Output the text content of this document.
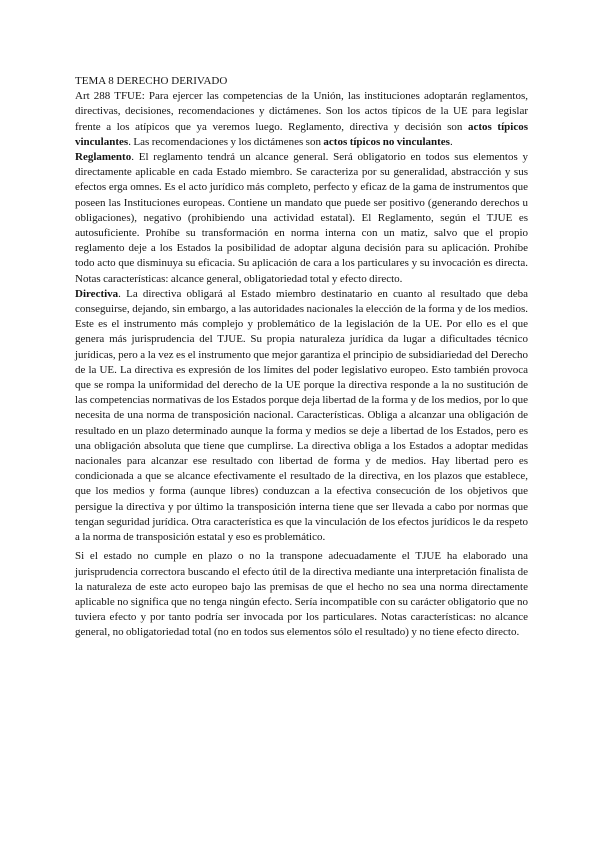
TEMA 8 DERECHO DERIVADO

Art 288 TFUE: Para ejercer las competencias de la Unión, las instituciones adoptarán reglamentos, directivas, decisiones, recomendaciones y dictámenes. Son los actos típicos de la UE para legislar frente a los atípicos que ya veremos luego. Reglamento, directiva y decisión son actos típicos vinculantes. Las recomendaciones y los dictámenes son actos típicos no vinculantes.

Reglamento. El reglamento tendrá un alcance general. Será obligatorio en todos sus elementos y directamente aplicable en cada Estado miembro. Se caracteriza por su generalidad, abstracción y sus efectos erga omnes. Es el acto jurídico más completo, perfecto y eficaz de la gama de instrumentos que poseen las Instituciones europeas. Contiene un mandato que puede ser positivo (generando derechos u obligaciones), negativo (prohibiendo una actividad estatal). El Reglamento, según el TJUE es autosuficiente. Prohíbe su transformación en norma interna con un matiz, salvo que el propio reglamento deje a los Estados la posibilidad de adoptar alguna decisión para su aplicación. Prohíbe todo acto que disminuya su eficacia. Su aplicación de cara a los particulares y su invocación es directa. Notas características: alcance general, obligatoriedad total y efecto directo.

Directiva. La directiva obligará al Estado miembro destinatario en cuanto al resultado que deba conseguirse, dejando, sin embargo, a las autoridades nacionales la elección de la forma y de los medios. Este es el instrumento más complejo y problemático de la legislación de la UE. Por ello es el que genera más jurisprudencia del TJUE. Su propia naturaleza jurídica da lugar a dificultades técnico jurídicas, pero a la vez es el instrumento que mejor garantiza el principio de subsidiariedad del Derecho de la UE. La directiva es expresión de los límites del poder legislativo europeo. Esto también provoca que se rompa la uniformidad del derecho de la UE porque la directiva responde a la no sustitución de las competencias normativas de los Estados porque deja libertad de la forma y de los medios, por lo que necesita de una norma de transposición nacional. Características. Obliga a alcanzar una obligación de resultado en un plazo determinado aunque la forma y medios se deje a libertad de los Estados, pero es una obligación absoluta que tiene que cumplirse. La directiva obliga a los Estados a adoptar medidas nacionales para alcanzar ese resultado con libertad de forma y de medios. Hay libertad pero es condicionada a que se alcance efectivamente el resultado de la directiva, en los plazos que establece, que los medios y forma (aunque libres) conduzcan a la efectiva consecución de los objetivos que persigue la directiva y por último la transposición interna tiene que ser llevada a cabo por normas que tengan seguridad jurídica. Otra característica es que la vinculación de los efectos jurídicos le da respeto a la norma de transposición estatal y eso es problemático.

Si el estado no cumple en plazo o no la transpone adecuadamente el TJUE ha elaborado una jurisprudencia correctora buscando el efecto útil de la directiva mediante una interpretación finalista de la naturaleza de este acto europeo bajo las premisas de que el hecho no sea una norma directamente aplicable no significa que no tenga ningún efecto. Sería incompatible con su carácter obligatorio que no tuviera efecto y por tanto podría ser invocada por los particulares. Notas características: no alcance general, no obligatoriedad total (no en todos sus elementos sólo el resultado) y no tiene efecto directo.
